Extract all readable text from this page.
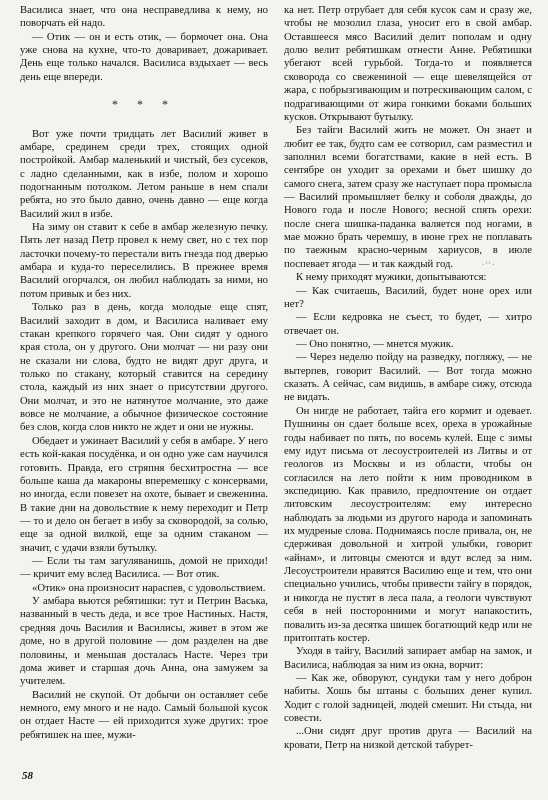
Василиса знает, что она несправедлива к нему, но поворчать ей надо.

— Отик — он и есть отик, — бормочет она. Она уже снова на кухне, что-то доваривает, дожаривает. День еще только начался. Василиса вздыхает — весь день еще впереди.

* * *

Вот уже почти тридцать лет Василий живет в амбаре, срединем среди трех, стоящих одной постройкой. Амбар маленький и чистый, без сусеков, с ладно сделанными, как в избе, полом и хорошо подогнанным потолком. Летом раньше в нем спали ребята, но это было давно, очень давно — еще когда Василий жил в избе.

На зиму он ставит к себе в амбар железную печку. Пять лет назад Петр провел к нему свет, но с тех пор ласточки почему-то перестали вить гнезда под дверью амбара и куда-то переселились. В прежнее время Василий огорчался, он любил наблюдать за ними, но потом привык и без них.

Только раз в день, когда молодые еще спят, Василий заходит в дом, и Василиса наливает ему стакан крепкого горячего чая. Они сидят у одного края стола, он у другого. Они молчат — ни разу они не сказали ни слова, будто не видят друг друга, и только по стакану, который ставится на середину стола, каждый из них знает о присутствии другого. Они молчат, и это не натянутое молчание, это даже вовсе не молчание, а обычное физическое состояние без слов, когда слов никто не ждет и они не нужны.

Обедает и ужинает Василий у себя в амбаре. У него есть кой-какая посудёнка, и он одно уже сам научился готовить. Правда, его стряпня бесхитростна — все больше каша да макароны вперемешку с консервами, но иногда, если повезет на охоте, бывает и свеженина. В такие дни на довольствие к нему переходит и Петр — то и дело он бегает в избу за сковородой, за солью, еще за одной вилкой, еще за одним стаканом — значит, с удачи взяли бутылку.

— Если ты там загуляванишь, домой не приходи! — кричит ему вслед Василиса. — Вот отик.

«Отик» она произносит нараспев, с удовольствием.

У амбара вьются ребятишки: тут и Петрин Васька, названный в честь деда, и все трое Настиных. Настя, средняя дочь Василия и Василисы, живет в этом же доме, но в другой половине — дом разделен на две половины, и меньшая досталась Насте. Через три дома живет и старшая дочь Анна, она замужем за учителем.

Василий не скупой. От добычи он оставляет себе немного, ему много и не надо. Самый большой кусок он отдает Насте — ей приходится хуже других: трое ребятишек на шее, мужи-

ка нет. Петр отрубает для себя кусок сам и сразу же, чтобы не мозолил глаза, уносит его в свой амбар. Оставшееся мясо Василий делит пополам и одну долю велит ребятишкам отнести Анне. Ребятишки убегают всей гурьбой. Тогда-то и появляется сковорода со свежениной — еще шевелящейся от жара, с побрызгивающим и потрескивающим салом, с подрагивающими от жира гонкими боками больших кусков. Открывают бутылку.

Без тайги Василий жить не может. Он знает и любит ее так, будто сам ее сотворил, сам разместил и заполнил всеми богатствами, какие в ней есть. В сентябре он уходит за орехами и бьет шишку до самого снега, затем сразу же наступает пора промысла — Василий промышляет белку и соболя дважды, до Нового года и после Нового; весной спять орехи: после снега шишка-паданка валяется под ногами, в мае можно брать черемшу, в июне грех не поплавать по таежным красно-черным хариусов, в июле поспевает ягода — и так каждый год.

К нему приходят мужики, допытываются:

— Как считаешь, Василий, будет ноне орех или нет?

— Если кедровка не съест, то будет, — хитро отвечает он.

— Оно понятно, — мнется мужик.

— Через неделю пойду на разведку, погляжу, — не вытерпев, говорит Василий. — Вот тогда можно сказать. А сейчас, сам видишь, в амбаре сижу, отсюда не видать.

Он нигде не работает, тайга его кормит и одевает. Пушнины он сдает больше всех, ореха в урожайные годы набивает по пять, по восемь кулей. Еще с зимы ему идут письма от лесоустроителей из Литвы и от геологов из Москвы и из области, чтобы он согласился на лето пойти к ним проводником в экспедицию. Как правило, предпочтение он отдает литовским лесоустроителям: ему интересно наблюдать за людьми из другого народа и запоминать их мудреные слова. Поднимаясь после привала, он, не сдерживая довольной и хитрой улыбки, говорит «айнам», и литовцы смеются и вдут вслед за ним. Лесоустроители нравятся Василию еще и тем, что они специально учились, чтобы привести тайгу в порядок, и никогда не пустят в леса пала, а геологи чувствуют себя в ней посторонними и могут напакостить, повалить из-за десятка шишек богатющий кедр или не притоптать костер.

Уходя в тайгу, Василий запирает амбар на замок, и Василиса, наблюдая за ним из окна, ворчит:

— Как же, обворуют, сундуки там у него доброн набиты. Хошь бы штаны с больших денег купил. Ходит с голой задницей, людей смешит. Ни стыда, ни совести.

...Они сидят друг против друга — Василий на кровати, Петр на низкой детской табурет-

· ' ' ·
58
